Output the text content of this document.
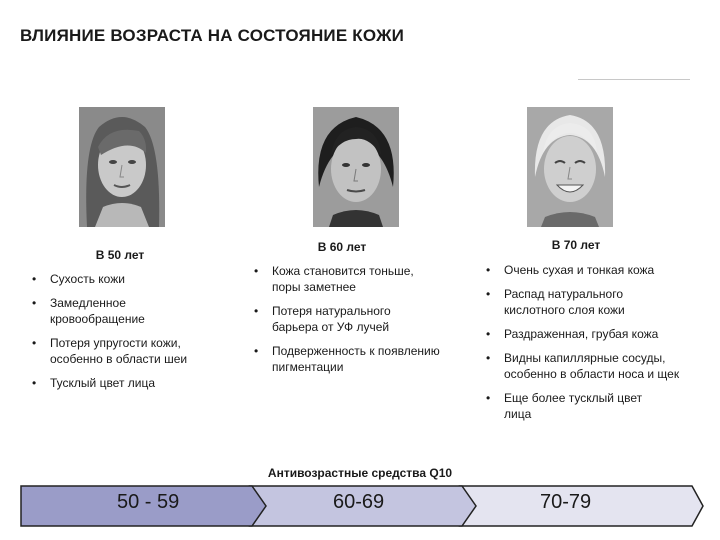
ВЛИЯНИЕ ВОЗРАСТА НА СОСТОЯНИЕ КОЖИ
В 50 лет
В 60 лет	В 70 лет
• Сухость кожи
• Замедленное кровообращение
• Потеря упругости кожи, особенно в области шеи
• Тусклый цвет лица
• Кожа становится тоньше, поры заметнее
• Потеря натурального барьера от УФ лучей
• Подверженность к появлению пигментации
• Очень сухая и тонкая кожа
• Распад натурального кислотного слоя кожи
• Раздраженная, грубая кожа
• Видны капиллярные сосуды, особенно в области носа и щек
• Еще более тусклый цвет лица
Антивозрастные средства Q10
50 - 59	60-69	70-79
